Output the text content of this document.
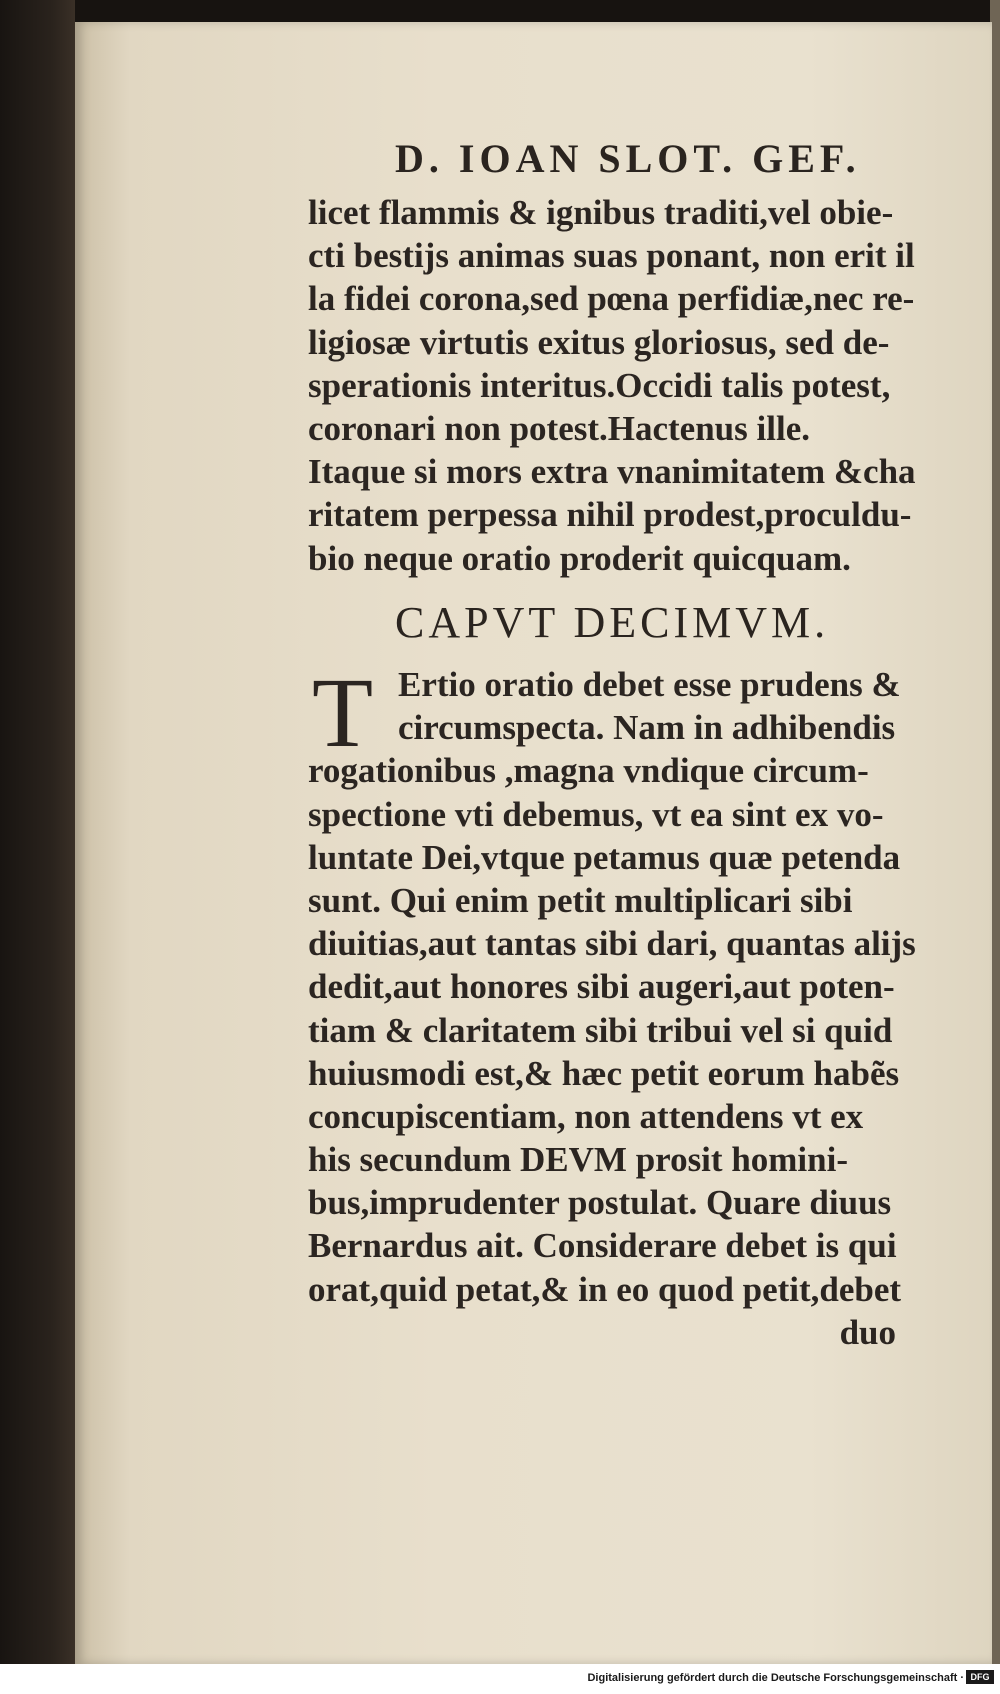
D. IOAN SLOT. GEF.
licet flammis & ignibus traditi,vel obie-
cti bestijs animas suas ponant, non erit il
la fidei corona,sed pœna perfidiæ,nec re-
ligiosæ virtutis exitus gloriosus, sed de-
sperationis interitus.Occidi talis potest,
coronari non potest.Hactenus ille.
Itaque si mors extra vnanimitatem &cha
ritatem perpessa nihil prodest,proculdu-
bio neque oratio proderit quicquam.
CAPVT DECIMVM.
T Ertio oratio debet esse prudens &
circumspecta. Nam in adhibendis
rogationibus ,magna vndique circum-
spectione vti debemus, vt ea sint ex vo-
luntate Dei,vtque petamus quæ petenda
sunt. Qui enim petit multiplicari sibi
diuitias,aut tantas sibi dari, quantas alijs
dedit,aut honores sibi augeri,aut poten-
tiam & claritatem sibi tribui vel si quid
huiusmodi est,& hæc petit eorum habẽs
concupiscentiam, non attendens vt ex
his secundum DEVM prosit homini-
bus,imprudenter postulat. Quare diuus
Bernardus ait. Considerare debet is qui
orat,quid petat,& in eo quod petit,debet
duo
Digitalisierung gefördert durch die Deutsche Forschungsgemeinschaft · DFG
